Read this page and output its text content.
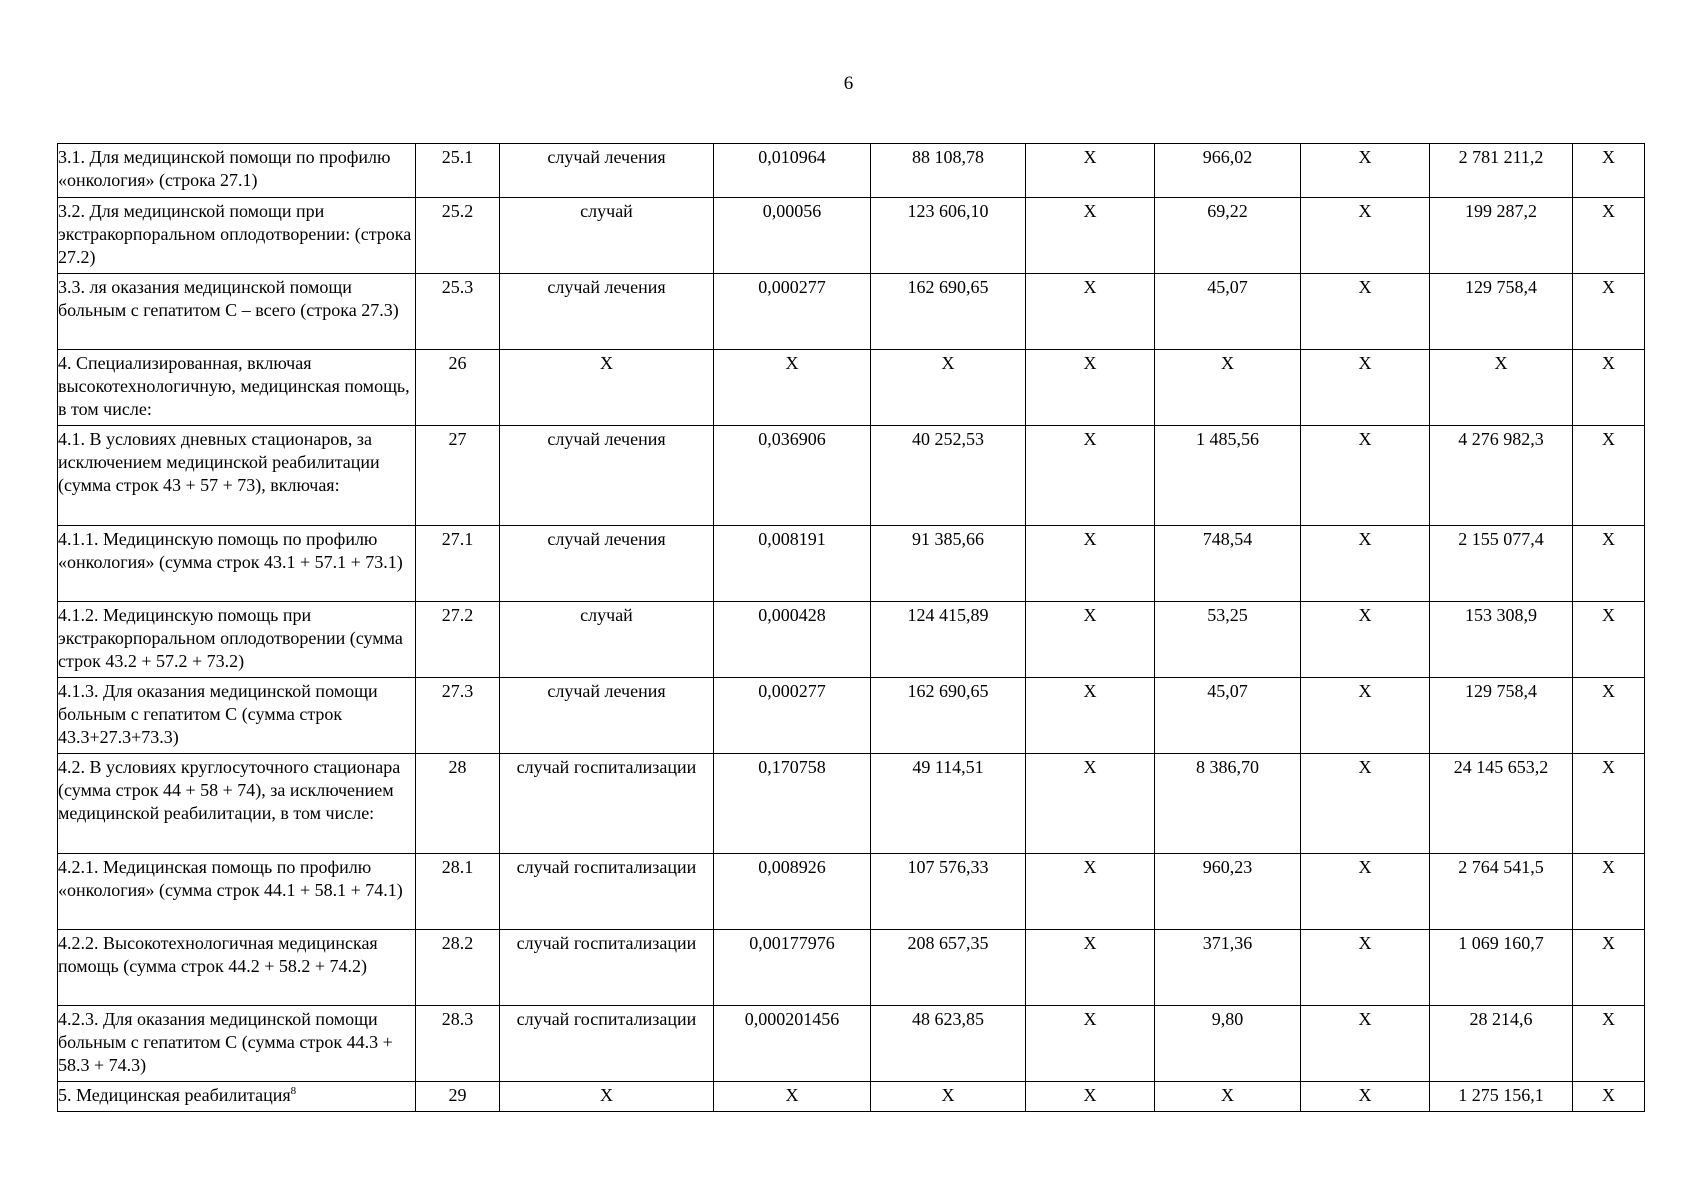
6
3.1. Для медицинской помощи по профилю «онкология» (строка 27.1)	25.1	случай лечения	0,010964	88 108,78	Х	966,02	Х	2 781 211,2	Х
3.2. Для медицинской помощи при экстракорпоральном оплодотворении: (строка 27.2)	25.2	случай	0,00056	123 606,10	Х	69,22	Х	199 287,2	Х
3.3. ля оказания медицинской помощи больным с гепатитом С – всего (строка 27.3)	25.3	случай лечения	0,000277	162 690,65	Х	45,07	Х	129 758,4	Х
4. Специализированная, включая высокотехнологичную, медицинская помощь, в том числе:	26	Х	Х	Х	Х	Х	Х	Х	Х
4.1. В условиях дневных стационаров, за исключением медицинской реабилитации (сумма строк 43 + 57 + 73), включая:	27	случай лечения	0,036906	40 252,53	Х	1 485,56	Х	4 276 982,3	Х
4.1.1. Медицинскую помощь по профилю «онкология» (сумма строк 43.1 + 57.1 + 73.1)	27.1	случай лечения	0,008191	91 385,66	Х	748,54	Х	2 155 077,4	Х
4.1.2. Медицинскую помощь при экстракорпоральном оплодотворении (сумма строк 43.2 + 57.2 + 73.2)	27.2	случай	0,000428	124 415,89	Х	53,25	Х	153 308,9	Х
4.1.3. Для оказания медицинской помощи больным с гепатитом С (сумма строк 43.3+27.3+73.3)	27.3	случай лечения	0,000277	162 690,65	Х	45,07	Х	129 758,4	Х
4.2. В условиях круглосуточного стационара (сумма строк 44 + 58 + 74), за исключением медицинской реабилитации, в том числе:	28	случай госпитализации	0,170758	49 114,51	Х	8 386,70	Х	24 145 653,2	Х
4.2.1. Медицинская помощь по профилю «онкология» (сумма строк 44.1 + 58.1 + 74.1)	28.1	случай госпитализации	0,008926	107 576,33	Х	960,23	Х	2 764 541,5	Х
4.2.2. Высокотехнологичная медицинская помощь (сумма строк 44.2 + 58.2 + 74.2)	28.2	случай госпитализации	0,00177976	208 657,35	Х	371,36	Х	1 069 160,7	Х
4.2.3. Для оказания медицинской помощи больным с гепатитом С (сумма строк 44.3 + 58.3 + 74.3)	28.3	случай госпитализации	0,000201456	48 623,85	Х	9,80	Х	28 214,6	Х
5. Медицинская реабилитация$^8$	29	Х	Х	Х	Х	Х	Х	1 275 156,1	Х
